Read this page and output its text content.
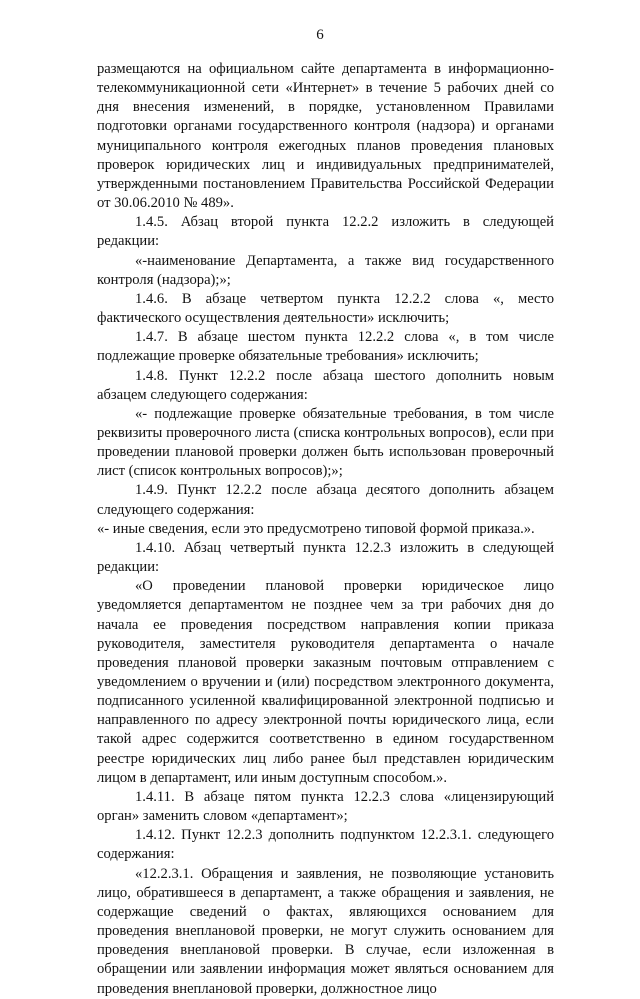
6

размещаются на официальном сайте департамента в информационно-телекоммуникационной сети «Интернет» в течение 5 рабочих дней со дня внесения изменений, в порядке, установленном Правилами подготовки органами государственного контроля (надзора) и органами муниципального контроля ежегодных планов проведения плановых проверок юридических лиц и индивидуальных предпринимателей, утвержденными постановлением Правительства Российской Федерации от 30.06.2010 № 489».

1.4.5. Абзац второй пункта 12.2.2 изложить в следующей редакции:

«-наименование Департамента, а также вид государственного контроля (надзора);»;

1.4.6. В абзаце четвертом пункта 12.2.2 слова «, место фактического осуществления деятельности» исключить;

1.4.7. В абзаце шестом пункта 12.2.2 слова «, в том числе подлежащие проверке обязательные требования» исключить;

1.4.8. Пункт 12.2.2 после абзаца шестого дополнить новым абзацем следующего содержания:

«- подлежащие проверке обязательные требования, в том числе реквизиты проверочного листа (списка контрольных вопросов), если при проведении плановой проверки должен быть использован проверочный лист (список контрольных вопросов);»;

1.4.9. Пункт 12.2.2 после абзаца десятого дополнить абзацем следующего содержания:

«- иные сведения, если это предусмотрено типовой формой приказа.».

1.4.10. Абзац четвертый пункта 12.2.3 изложить в следующей редакции:

«О проведении плановой проверки юридическое лицо уведомляется департаментом не позднее чем за три рабочих дня до начала ее проведения посредством направления копии приказа руководителя, заместителя руководителя департамента о начале проведения плановой проверки заказным почтовым отправлением с уведомлением о вручении и (или) посредством электронного документа, подписанного усиленной квалифицированной электронной подписью и направленного по адресу электронной почты юридического лица, если такой адрес содержится соответственно в едином государственном реестре юридических лиц либо ранее был представлен юридическим лицом в департамент, или иным доступным способом.».

1.4.11. В абзаце пятом пункта 12.2.3 слова «лицензирующий орган» заменить словом «департамент»;

1.4.12. Пункт 12.2.3 дополнить подпунктом 12.2.3.1. следующего содержания:

«12.2.3.1. Обращения и заявления, не позволяющие установить лицо, обратившееся в департамент, а также обращения и заявления, не содержащие сведений о фактах, являющихся основанием для проведения внеплановой проверки, не могут служить основанием для проведения внеплановой проверки. В случае, если изложенная в обращении или заявлении информация может являться основанием для проведения внеплановой проверки, должностное лицо
